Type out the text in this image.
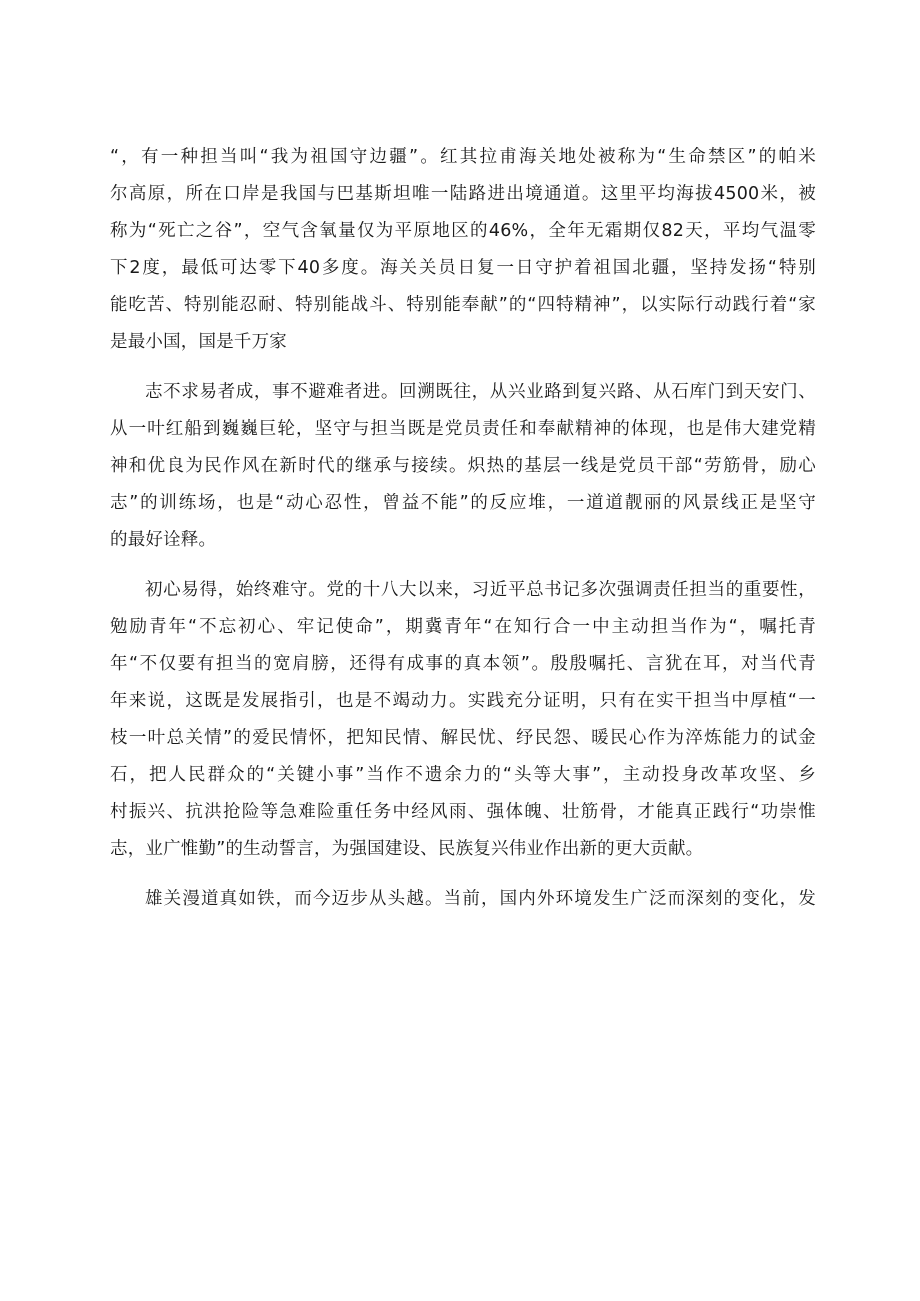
“，有一种担当叫“我为祖国守边疆”。红其拉甫海关地处被称为“生命禁区”的帕米

尔高原，所在口岸是我国与巴基斯坦唯一陆路进出境通道。这里平均海拔4500米，被

称为“死亡之谷”，空气含氧量仅为平原地区的46%，全年无霜期仅82天，平均气温零

下2度，最低可达零下40多度。海关关员日复一日守护着祖国北疆，坚持发扬“特别

能吃苦、特别能忍耐、特别能战斗、特别能奉献”的“四特精神”，以实际行动践行着“家

是最小国，国是千万家

志不求易者成，事不避难者进。回溯既往，从兴业路到复兴路、从石库门到天安门、

从一叶红船到巍巍巨轮，坚守与担当既是党员责任和奉献精神的体现，也是伟大建党精

神和优良为民作风在新时代的继承与接续。炽热的基层一线是党员干部“劳筋骨，励心

志”的训练场，也是“动心忍性，曾益不能”的反应堆，一道道靓丽的风景线正是坚守

的最好诠释。

初心易得，始终难守。党的十八大以来，习近平总书记多次强调责任担当的重要性，

勉励青年“不忘初心、牢记使命”，期冀青年“在知行合一中主动担当作为“，嘱托青

年“不仅要有担当的宽肩膀，还得有成事的真本领”。殷殷嘱托、言犹在耳，对当代青

年来说，这既是发展指引，也是不竭动力。实践充分证明，只有在实干担当中厚植“一

枝一叶总关情”的爱民情怀，把知民情、解民忧、纾民怨、暖民心作为淬炼能力的试金

石，把人民群众的“关键小事”当作不遗余力的“头等大事”，主动投身改革攻坚、乡

村振兴、抗洪抢险等急难险重任务中经风雨、强体魄、壮筋骨，才能真正践行“功崇惟

志，业广惟勤”的生动誓言，为强国建设、民族复兴伟业作出新的更大贡献。

雄关漫道真如铁，而今迈步从头越。当前，国内外环境发生广泛而深刻的变化，发
